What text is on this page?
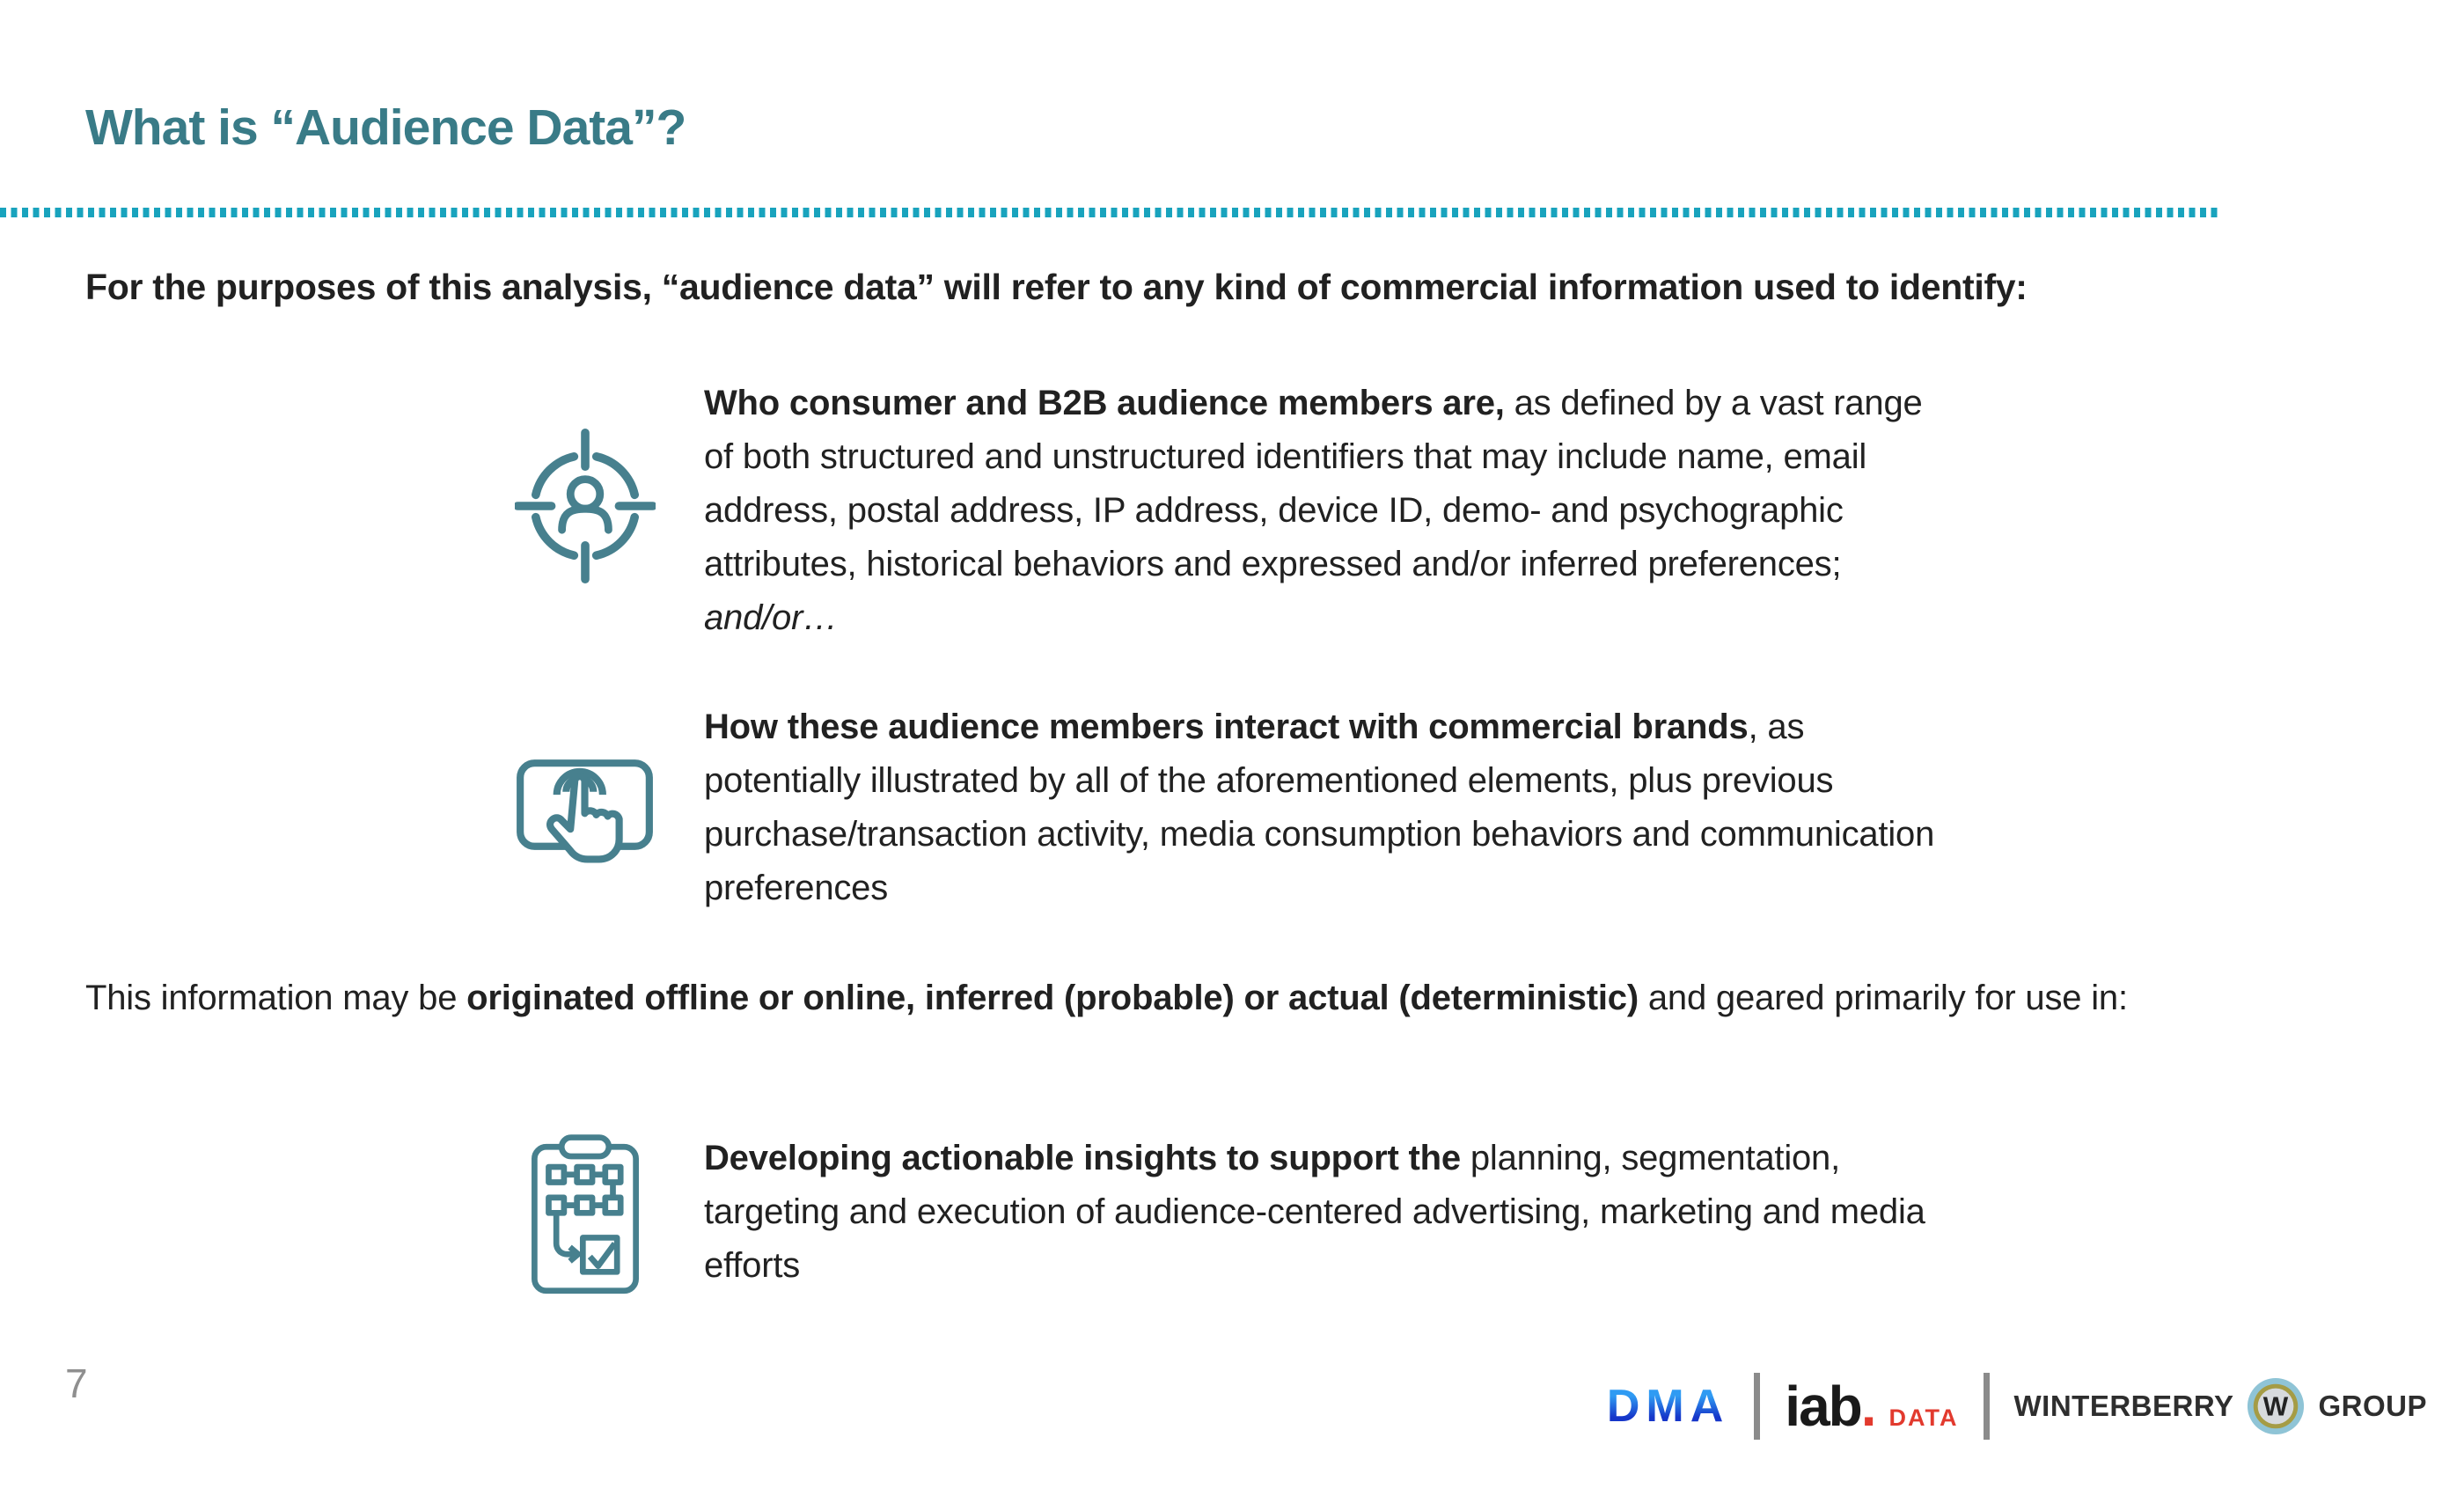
What is “Audience Data”?

For the purposes of this analysis, “audience data” will refer to any kind of commercial information used to identify:

Who consumer and B2B audience members are, as defined by a vast range of both structured and unstructured identifiers that may include name, email address, postal address, IP address, device ID, demo- and psychographic attributes, historical behaviors and expressed and/or inferred preferences; and/or…

How these audience members interact with commercial brands, as potentially illustrated by all of the aforementioned elements, plus previous purchase/transaction activity, media consumption behaviors and communication preferences

This information may be originated offline or online, inferred (probable) or actual (deterministic) and geared primarily for use in:

Developing actionable insights to support the planning, segmentation, targeting and execution of audience-centered advertising, marketing and media efforts

7	DMA iab . DATA WINTERBERRY W GROUP
